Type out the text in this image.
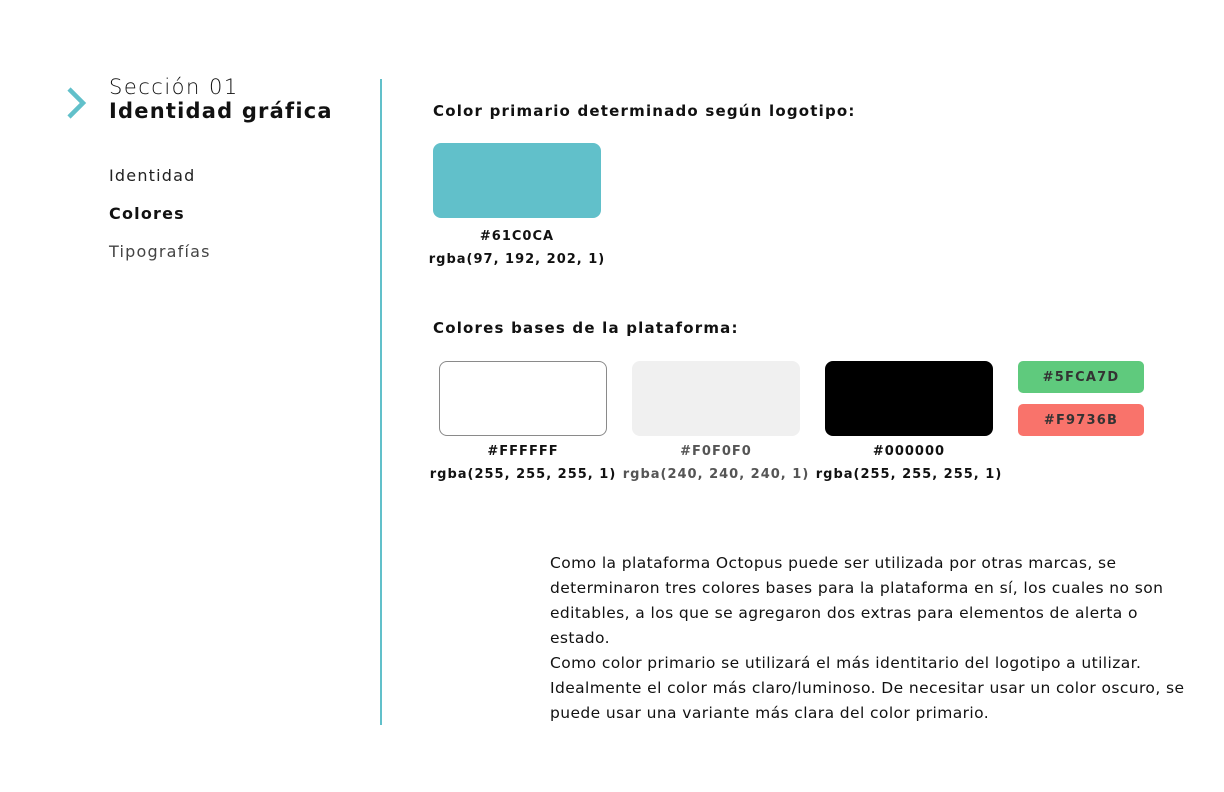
Sección 01
Identidad gráfica
Identidad
Colores
Tipografías
Color primario determinado según logotipo:
#61C0CA
rgba(97, 192, 202, 1)
Colores bases de la plataforma:
#FFFFFF
rgba(255, 255, 255, 1)
#F0F0F0
rgba(240, 240, 240, 1)
#000000
rgba(255, 255, 255, 1)
#5FCA7D
#F9736B
Como la plataforma Octopus puede ser utilizada por otras marcas, se determinaron tres colores bases para la plataforma en sí, los cuales no son editables, a los que se agregaron dos extras para elementos de alerta o estado.
Como color primario se utilizará el más identitario del logotipo a utilizar. Idealmente el color más claro/luminoso. De necesitar usar un color oscuro, se puede usar una variante más clara del color primario.
